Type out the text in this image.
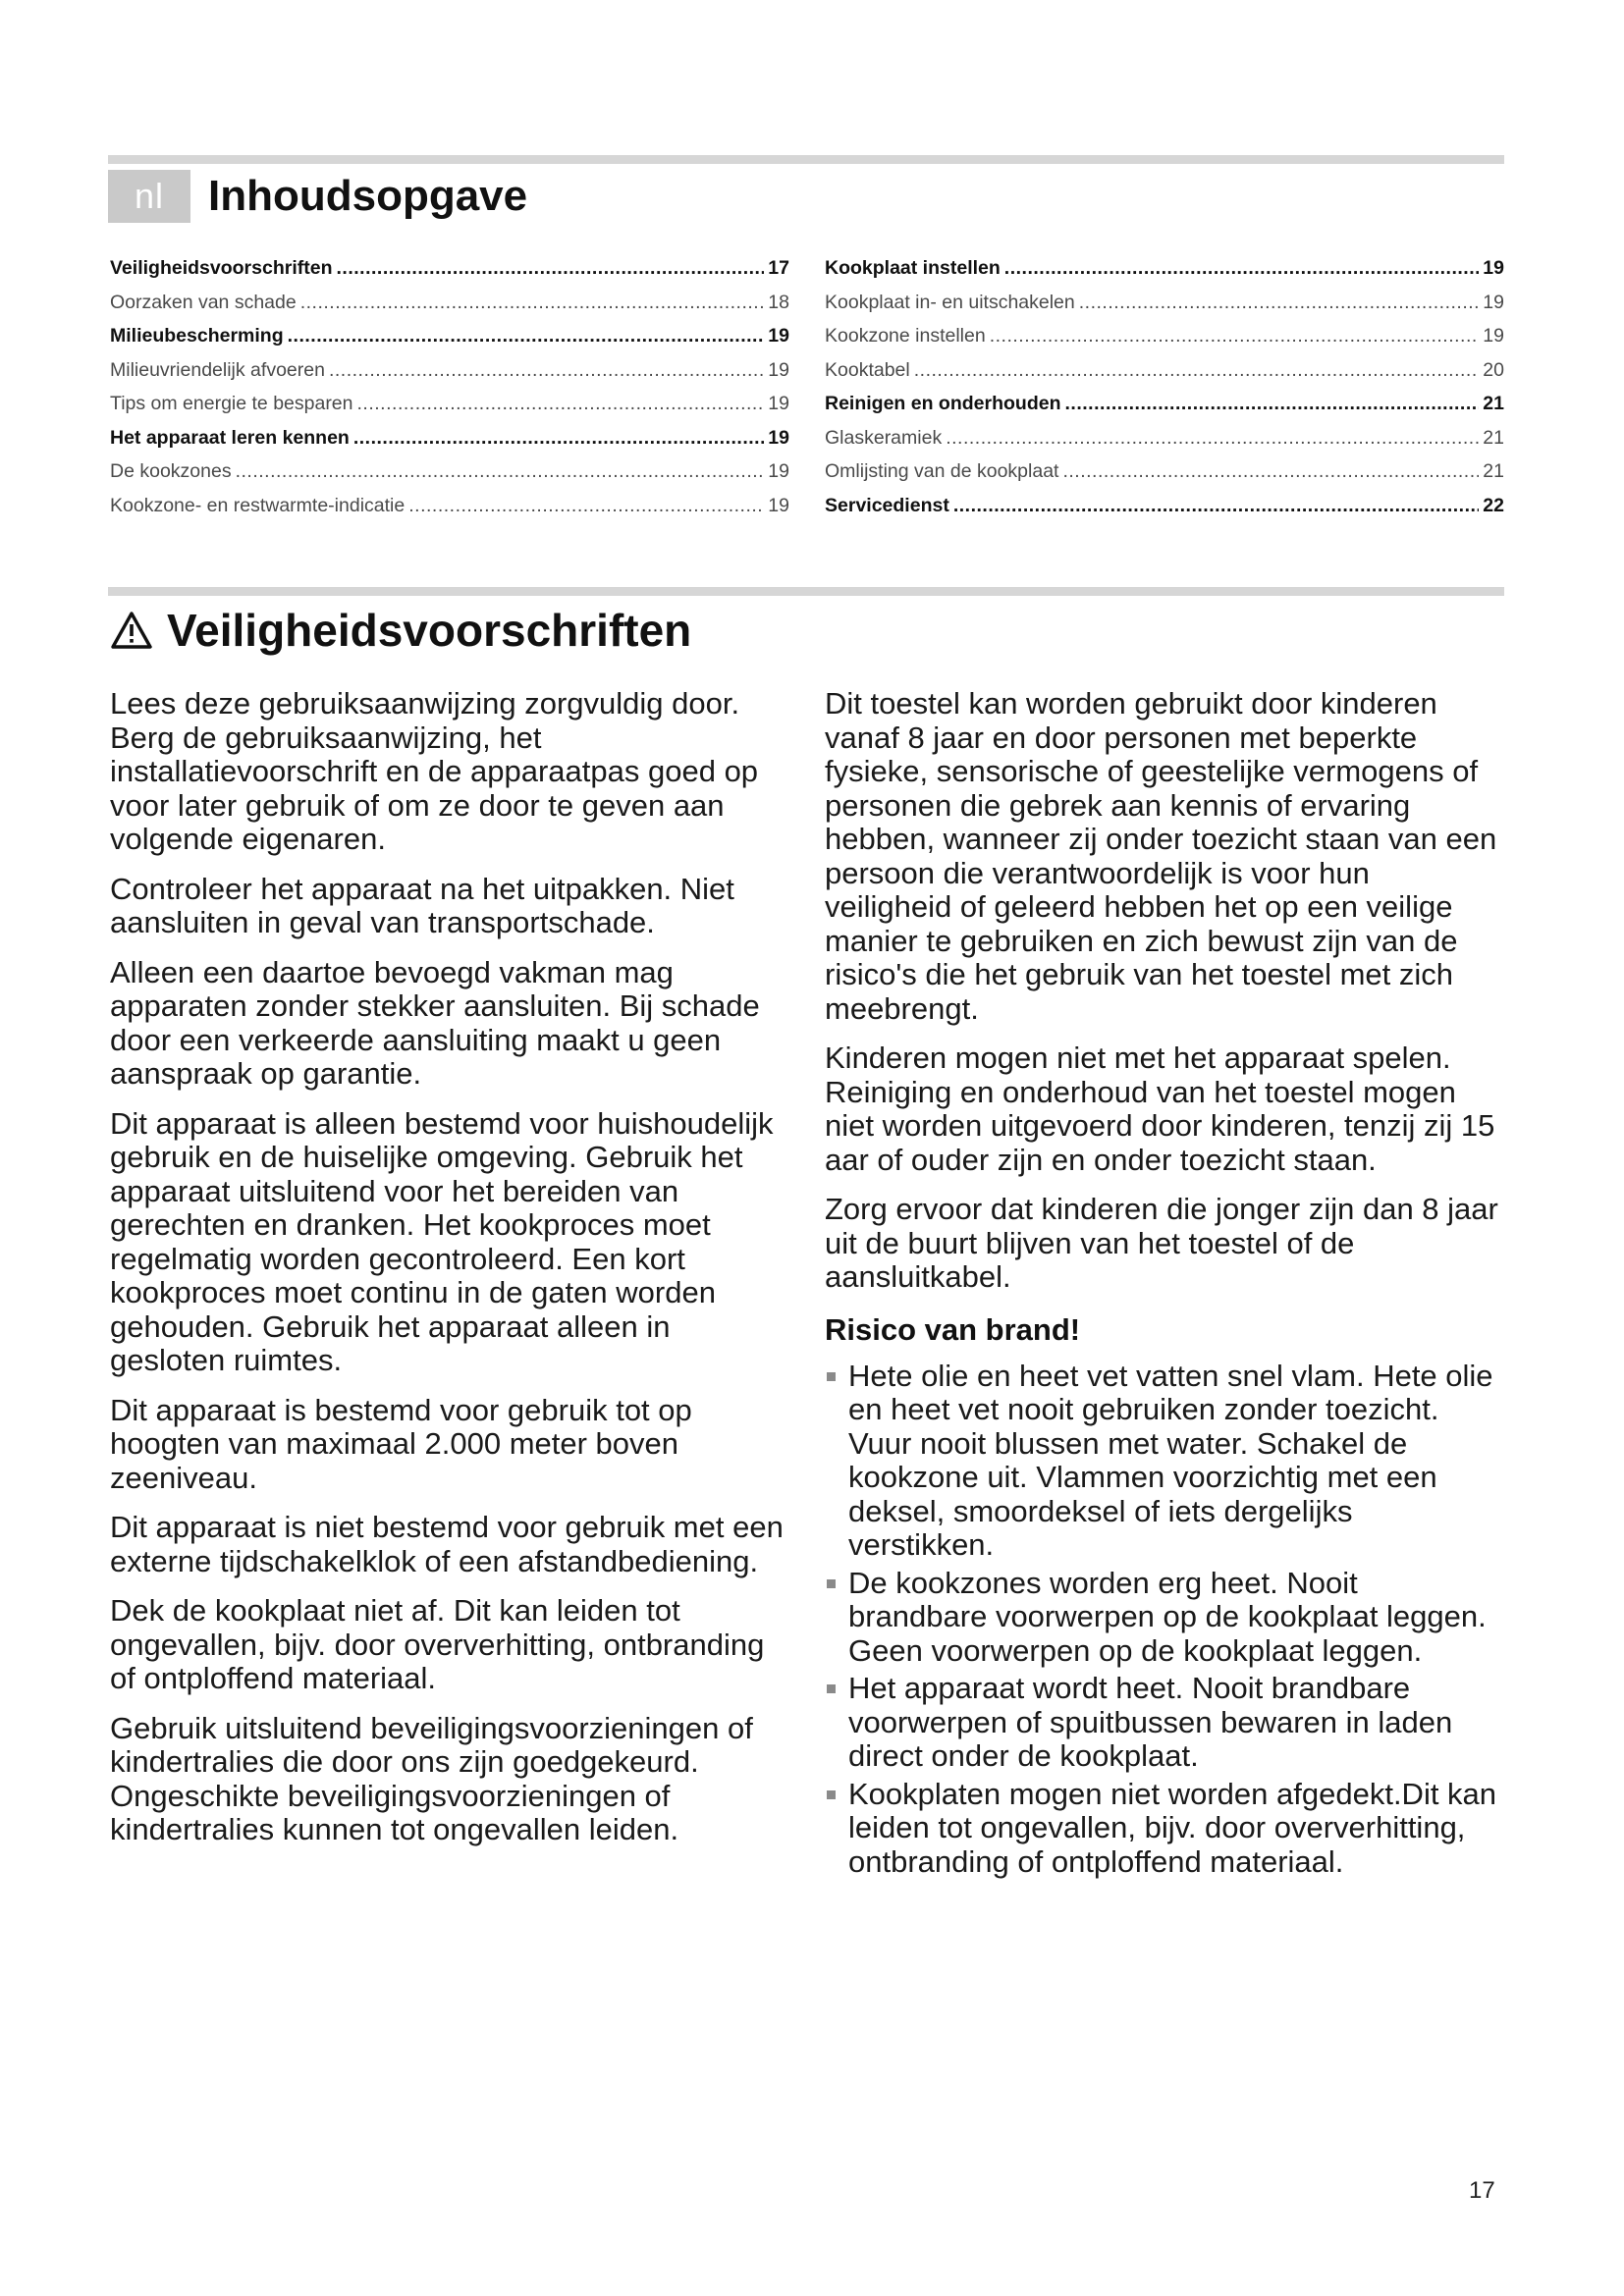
nl	Inhoudsopgave
Veiligheidsvoorschriften .....	17
Oorzaken van schade .....	18
Milieubescherming .....	19
Milieuvriendelijk afvoeren .....	19
Tips om energie te besparen .....	19
Het apparaat leren kennen .....	19
De kookzones .....	19
Kookzone- en restwarmte-indicatie .....	19
Kookplaat instellen .....	19
Kookplaat in- en uitschakelen .....	19
Kookzone instellen .....	19
Kooktabel .....	20
Reinigen en onderhouden .....	21
Glaskeramiek .....	21
Omlijsting van de kookplaat .....	21
Servicedienst .....	22
Veiligheidsvoorschriften

Lees deze gebruiksaanwijzing zorgvuldig door. Berg de gebruiksaanwijzing, het installatievoorschrift en de apparaatpas goed op voor later gebruik of om ze door te geven aan volgende eigenaren.

Controleer het apparaat na het uitpakken. Niet aansluiten in geval van transportschade.

Alleen een daartoe bevoegd vakman mag apparaten zonder stekker aansluiten. Bij schade door een verkeerde aansluiting maakt u geen aanspraak op garantie.

Dit apparaat is alleen bestemd voor huishoudelijk gebruik en de huiselijke omgeving. Gebruik het apparaat uitsluitend voor het bereiden van gerechten en dranken. Het kookproces moet regelmatig worden gecontroleerd. Een kort kookproces moet continu in de gaten worden gehouden. Gebruik het apparaat alleen in gesloten ruimtes.

Dit apparaat is bestemd voor gebruik tot op hoogten van maximaal 2.000 meter boven zeeniveau.

Dit apparaat is niet bestemd voor gebruik met een externe tijdschakelklok of een afstandbediening.

Dek de kookplaat niet af. Dit kan leiden tot ongevallen, bijv. door oververhitting, ontbranding of ontploffend materiaal.

Gebruik uitsluitend beveiligingsvoorzieningen of kindertralies die door ons zijn goedgekeurd. Ongeschikte beveiligingsvoorzieningen of kindertralies kunnen tot ongevallen leiden.

Dit toestel kan worden gebruikt door kinderen vanaf 8 jaar en door personen met beperkte fysieke, sensorische of geestelijke vermogens of personen die gebrek aan kennis of ervaring hebben, wanneer zij onder toezicht staan van een persoon die verantwoordelijk is voor hun veiligheid of geleerd hebben het op een veilige manier te gebruiken en zich bewust zijn van de risico's die het gebruik van het toestel met zich meebrengt.

Kinderen mogen niet met het apparaat spelen. Reiniging en onderhoud van het toestel mogen niet worden uitgevoerd door kinderen, tenzij zij 15 aar of ouder zijn en onder toezicht staan.

Zorg ervoor dat kinderen die jonger zijn dan 8 jaar uit de buurt blijven van het toestel of de aansluitkabel.

Risico van brand!
Hete olie en heet vet vatten snel vlam. Hete olie en heet vet nooit gebruiken zonder toezicht. Vuur nooit blussen met water. Schakel de kookzone uit. Vlammen voorzichtig met een deksel, smoordeksel of iets dergelijks verstikken.
De kookzones worden erg heet. Nooit brandbare voorwerpen op de kookplaat leggen. Geen voorwerpen op de kookplaat leggen.
Het apparaat wordt heet. Nooit brandbare voorwerpen of spuitbussen bewaren in laden direct onder de kookplaat.
Kookplaten mogen niet worden afgedekt.Dit kan leiden tot ongevallen, bijv. door oververhitting, ontbranding of ontploffend materiaal.
17
